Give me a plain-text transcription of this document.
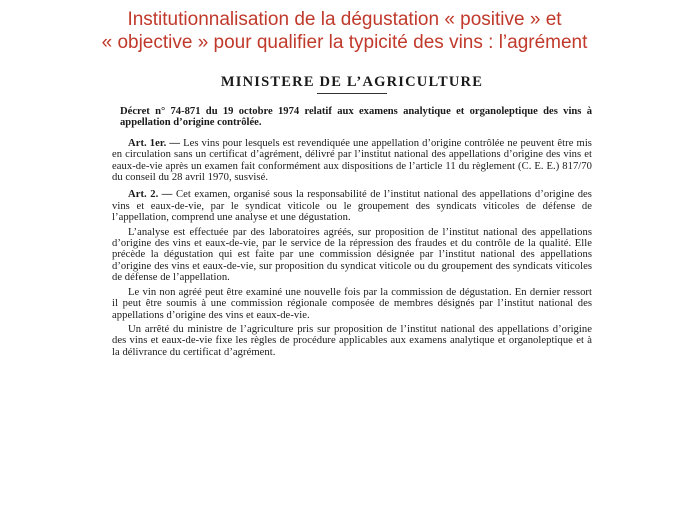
Institutionnalisation de la dégustation « positive » et
« objective » pour qualifier la typicité des vins : l’agrément
MINISTERE DE L’AGRICULTURE
Décret n° 74-871 du 19 octobre 1974 relatif aux examens analytique et organoleptique des vins à appellation d’origine contrôlée.

Art. 1er. — Les vins pour lesquels est revendiquée une appellation d’origine contrôlée ne peuvent être mis en circulation sans un certificat d’agrément, délivré par l’institut national des appellations d’origine des vins et eaux-de-vie après un examen fait conformément aux dispositions de l’article 11 du règlement (C. E. E.) 817/70 du conseil du 28 avril 1970, susvisé.

Art. 2. — Cet examen, organisé sous la responsabilité de l’institut national des appellations d’origine des vins et eaux-de-vie, par le syndicat viticole ou le groupement des syndicats viticoles de défense de l’appellation, comprend une analyse et une dégustation.

L’analyse est effectuée par des laboratoires agréés, sur proposition de l’institut national des appellations d’origine des vins et eaux-de-vie, par le service de la répression des fraudes et du contrôle de la qualité. Elle précède la dégustation qui est faite par une commission désignée par l’institut national des appellations d’origine des vins et eaux-de-vie, sur proposition du syndicat viticole ou du groupement des syndicats viticoles de défense de l’appellation.

Le vin non agréé peut être examiné une nouvelle fois par la commission de dégustation. En dernier ressort il peut être soumis à une commission régionale composée de membres désignés par l’institut national des appellations d’origine des vins et eaux-de-vie.

Un arrêté du ministre de l’agriculture pris sur proposition de l’institut national des appellations d’origine des vins et eaux-de-vie fixe les règles de procédure applicables aux examens analytique et organoleptique et à la délivrance du certificat d’agrément.
